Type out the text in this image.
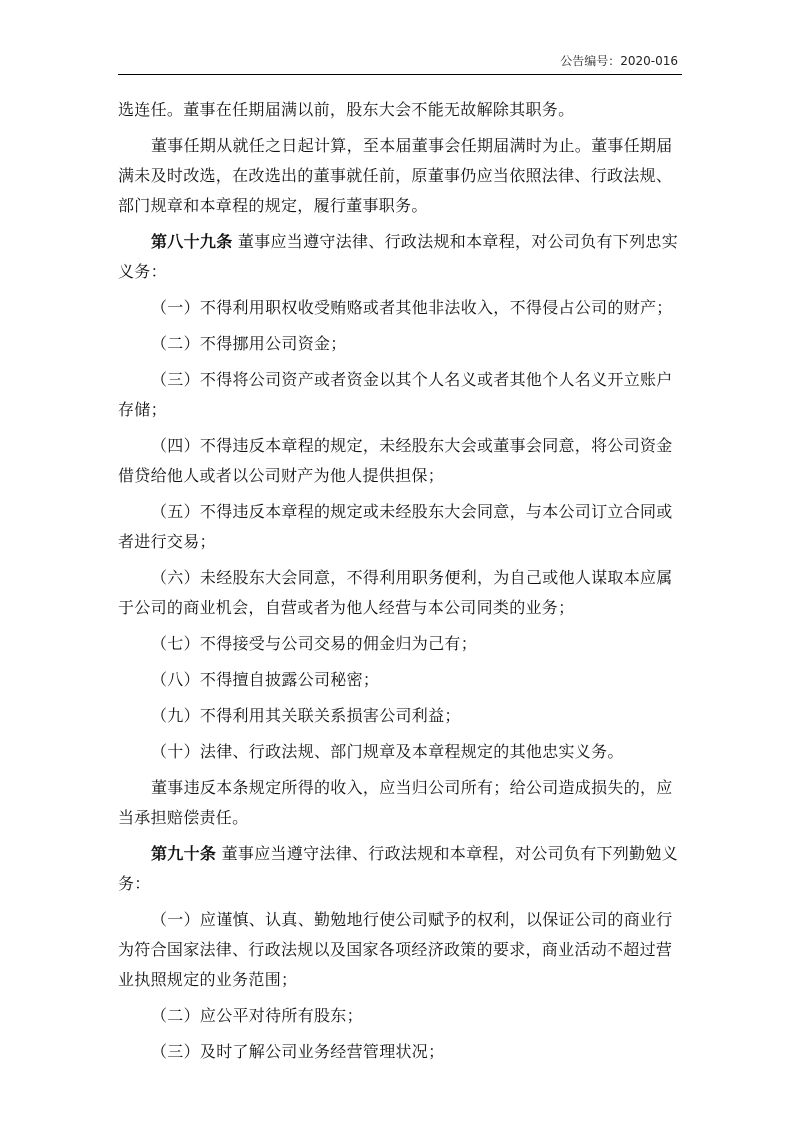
公告编号：2020-016

选连任。董事在任期届满以前，股东大会不能无故解除其职务。

董事任期从就任之日起计算，至本届董事会任期届满时为止。董事任期届满未及时改选，在改选出的董事就任前，原董事仍应当依照法律、行政法规、部门规章和本章程的规定，履行董事职务。

第八十九条 董事应当遵守法律、行政法规和本章程，对公司负有下列忠实义务：

（一）不得利用职权收受贿赂或者其他非法收入，不得侵占公司的财产；

（二）不得挪用公司资金；

（三）不得将公司资产或者资金以其个人名义或者其他个人名义开立账户存储；

（四）不得违反本章程的规定，未经股东大会或董事会同意，将公司资金借贷给他人或者以公司财产为他人提供担保；

（五）不得违反本章程的规定或未经股东大会同意，与本公司订立合同或者进行交易；

（六）未经股东大会同意，不得利用职务便利，为自己或他人谋取本应属于公司的商业机会，自营或者为他人经营与本公司同类的业务；

（七）不得接受与公司交易的佣金归为己有；

（八）不得擅自披露公司秘密；

（九）不得利用其关联关系损害公司利益；

（十）法律、行政法规、部门规章及本章程规定的其他忠实义务。

董事违反本条规定所得的收入，应当归公司所有；给公司造成损失的，应当承担赔偿责任。

第九十条 董事应当遵守法律、行政法规和本章程，对公司负有下列勤勉义务：

（一）应谨慎、认真、勤勉地行使公司赋予的权利，以保证公司的商业行为符合国家法律、行政法规以及国家各项经济政策的要求，商业活动不超过营业执照规定的业务范围；

（二）应公平对待所有股东；

（三）及时了解公司业务经营管理状况；
